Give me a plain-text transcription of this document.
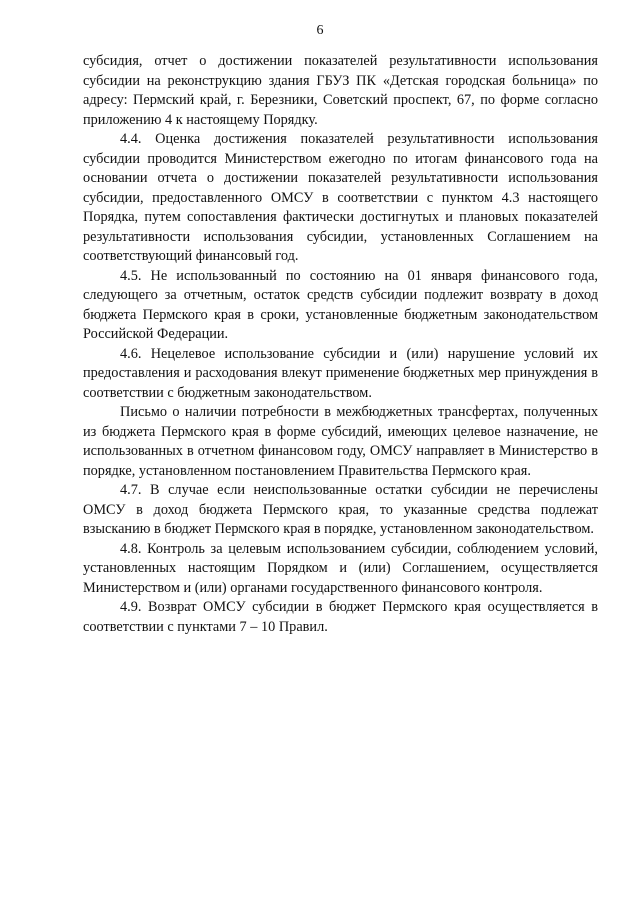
6

субсидия, отчет о достижении показателей результативности использования субсидии на реконструкцию здания ГБУЗ ПК «Детская городская больница» по адресу: Пермский край, г. Березники, Советский проспект, 67, по форме согласно приложению 4 к настоящему Порядку.

4.4. Оценка достижения показателей результативности использования субсидии проводится Министерством ежегодно по итогам финансового года на основании отчета о достижении показателей результативности использования субсидии, предоставленного ОМСУ в соответствии с пунктом 4.3 настоящего Порядка, путем сопоставления фактически достигнутых и плановых показателей результативности использования субсидии, установленных Соглашением на соответствующий финансовый год.

4.5. Не использованный по состоянию на 01 января финансового года, следующего за отчетным, остаток средств субсидии подлежит возврату в доход бюджета Пермского края в сроки, установленные бюджетным законодательством Российской Федерации.

4.6. Нецелевое использование субсидии и (или) нарушение условий их предоставления и расходования влекут применение бюджетных мер принуждения в соответствии с бюджетным законодательством.

Письмо о наличии потребности в межбюджетных трансфертах, полученных из бюджета Пермского края в форме субсидий, имеющих целевое назначение, не использованных в отчетном финансовом году, ОМСУ направляет в Министерство в порядке, установленном постановлением Правительства Пермского края.

4.7. В случае если неиспользованные остатки субсидии не перечислены ОМСУ в доход бюджета Пермского края, то указанные средства подлежат взысканию в бюджет Пермского края в порядке, установленном законодательством.

4.8. Контроль за целевым использованием субсидии, соблюдением условий, установленных настоящим Порядком и (или) Соглашением, осуществляется Министерством и (или) органами государственного финансового контроля.

4.9. Возврат ОМСУ субсидии в бюджет Пермского края осуществляется в соответствии с пунктами 7 – 10 Правил.
